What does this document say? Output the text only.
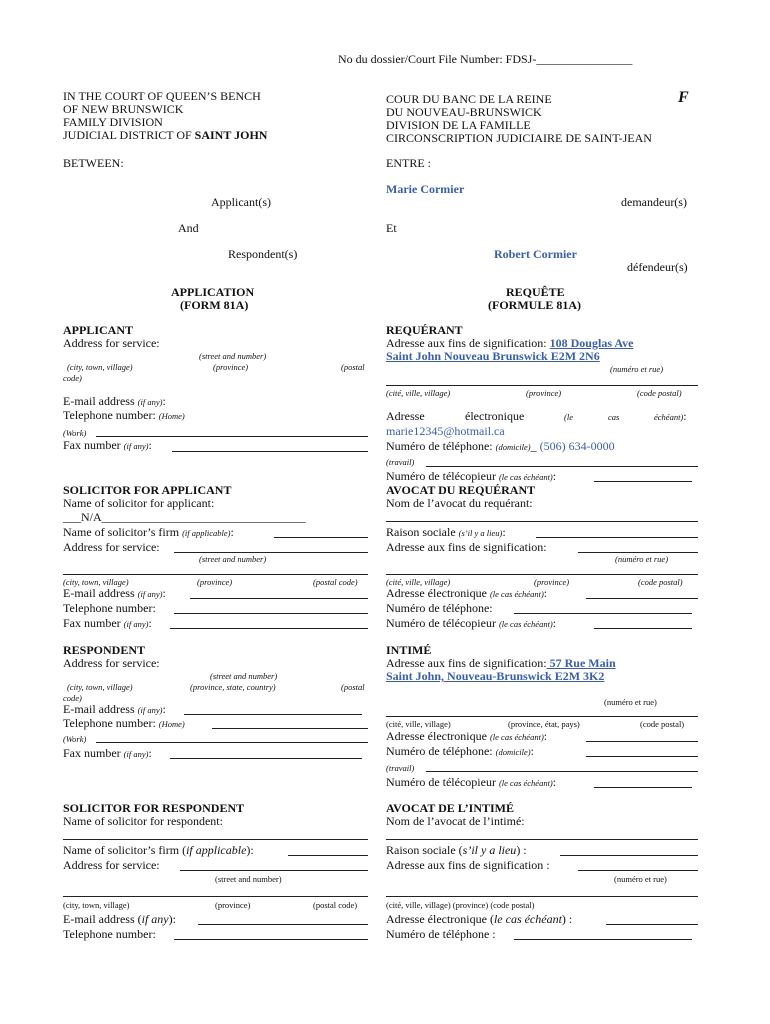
No du dossier/Court File Number: FDSJ-________________
F
IN THE COURT OF QUEEN’S BENCH
OF NEW BRUNSWICK
FAMILY DIVISION
JUDICIAL DISTRICT OF SAINT JOHN
COUR DU BANC DE LA REINE
DU NOUVEAU-BRUNSWICK
DIVISION DE LA FAMILLE
CIRCONSCRIPTION JUDICIAIRE DE SAINT-JEAN
BETWEEN:	ENTRE :
Marie Cormier
Applicant(s)	demandeur(s)
And	Et
Respondent(s)	Robert Cormier
défendeur(s)
APPLICATION
(FORM 81A)
REQUÊTE
(FORMULE 81A)
APPLICANT
Address for service:
(street and number)
(city, town, village)	(province)	(postal
code)
E-mail address (if any):
Telephone number: (Home)
(Work)
Fax number (if any):
REQUÉRANT
Adresse aux fins de signification: 108 Douglas Ave
Saint John Nouveau Brunswick E2M 2N6
(numéro et rue)
(cité, ville, village)	(province)	(code postal)
Adresse	électronique	(le	cas	échéant):
marie12345@hotmail.ca
Numéro de téléphone: (domicile)_ (506) 634-0000
(travail)
Numéro de télécopieur (le cas échéant):
SOLICITOR FOR APPLICANT
Name of solicitor for applicant:
___N/A__________________________________
Name of solicitor’s firm (if applicable):
Address for service:
(street and number)
(city, town, village)	(province)	(postal code)
E-mail address (if any):
Telephone number:
Fax number (if any):
AVOCAT DU REQUÉRANT
Nom de l’avocat du requérant:
Raison sociale (s’il y a lieu):
Adresse aux fins de signification:
(numéro et rue)
(cité, ville, village)	(province)	(code postal)
Adresse électronique (le cas échéant):
Numéro de téléphone:
Numéro de télécopieur (le cas échéant):
RESPONDENT
Address for service:
(street and number)
(city, town, village)	(province, state, country)	(postal
code)
E-mail address (if any):
Telephone number: (Home)
(Work)
Fax number (if any):
INTIMÉ
Adresse aux fins de signification: 57 Rue Main
Saint John, Nouveau-Brunswick E2M 3K2
(numéro et rue)
(cité, ville, village)	(province, état, pays)	(code postal)
Adresse électronique (le cas échéant):
Numéro de téléphone: (domicile):
(travail)
Numéro de télécopieur (le cas échéant):
SOLICITOR FOR RESPONDENT
Name of solicitor for respondent:
Name of solicitor’s firm (if applicable):
Address for service:
(street and number)
(city, town, village)	(province)	(postal code)
E-mail address (if any):
Telephone number:
AVOCAT DE L’INTIMÉ
Nom de l’avocat de l’intimé:
Raison sociale (s’il y a lieu) :
Adresse aux fins de signification :
(numéro et rue)
(cité, ville, village) (province) (code postal)
Adresse électronique (le cas échéant) :
Numéro de téléphone :
